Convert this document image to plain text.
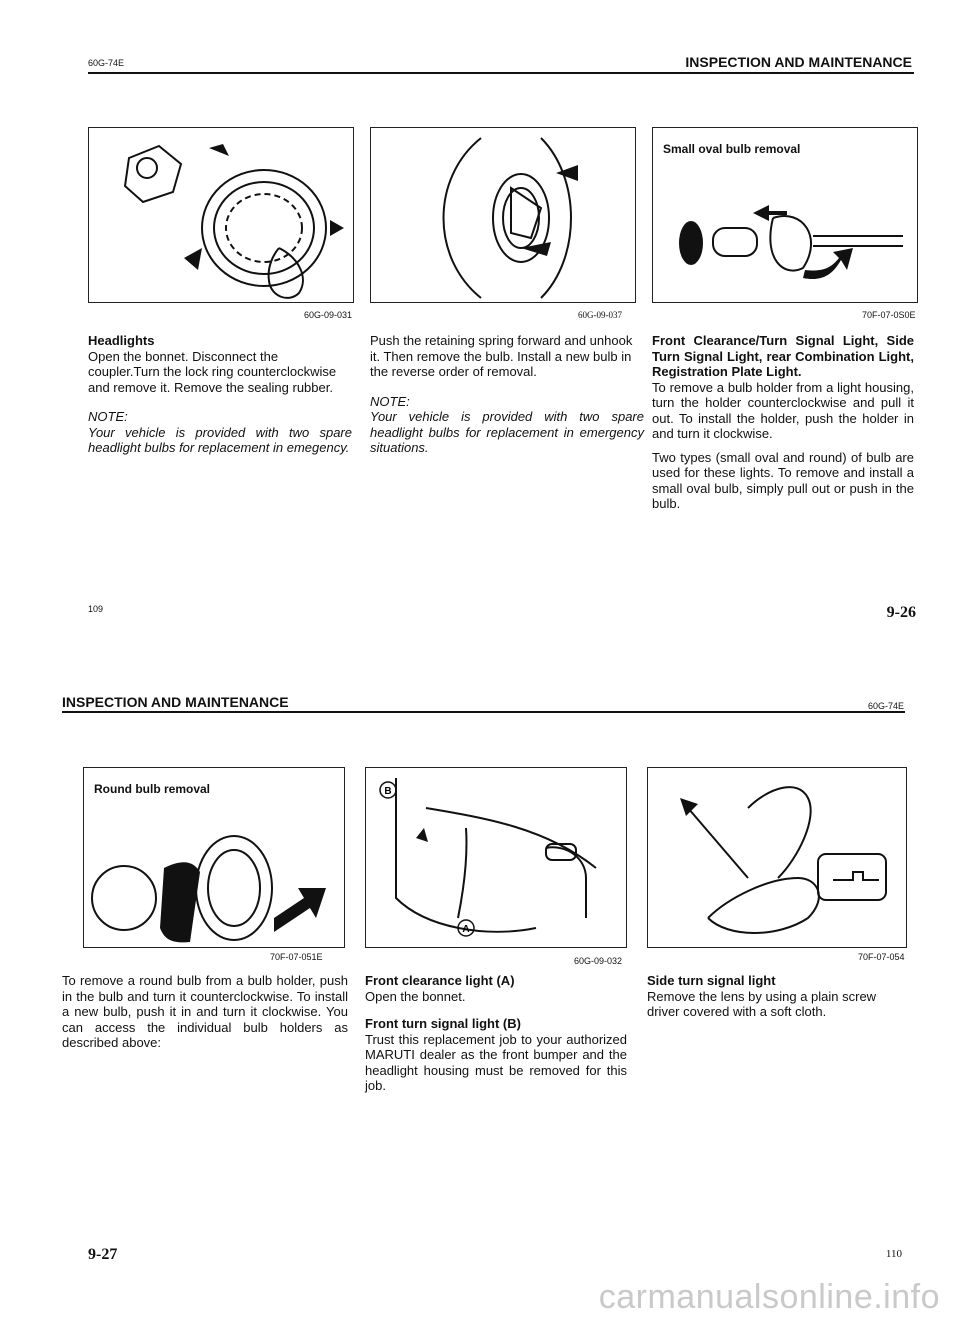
60G-74E	INSPECTION AND MAINTENANCE
60G-09-031	60G-09-037
Small oval bulb removal
70F-07-0S0E

Headlights

Open the bonnet. Disconnect the coupler.Turn the lock ring counterclockwise and remove it. Remove the sealing rubber.

NOTE:

Your vehicle is provided with two spare headlight bulbs for replacement in emegency.

Push the retaining spring forward and unhook it. Then remove the bulb. Install a new bulb in the reverse order of removal.

NOTE:

Your vehicle is provided with two spare headlight bulbs for replacement in emergency situations.

Front Clearance/Turn Signal Light, Side Turn Signal Light, rear Combination Light, Registration Plate Light.

To remove a bulb holder from a light housing, turn the holder counterclockwise and pull it out. To install the holder, push the holder in and turn it clockwise.

Two types (small oval and round) of bulb are used for these lights. To remove and install a small oval bulb, simply pull out or push in the bulb.

109	9-26
INSPECTION AND MAINTENANCE	60G-74E
Round bulb removal
70F-07-051E
B
A
60G-09-032	70F-07-054

To remove a round bulb from a bulb holder, push in the bulb and turn it counterclockwise. To install a new bulb, push it in and turn it clockwise. You can access the individual bulb holders as described above:

Front clearance light (A)

Open the bonnet.

Front turn signal light (B)

Trust this replacement job to your authorized MARUTI dealer as the front bumper and the headlight housing must be removed for this job.

Side turn signal light

Remove the lens by using a plain screw driver covered with a soft cloth.

9-27	110
carmanualsonline.info
